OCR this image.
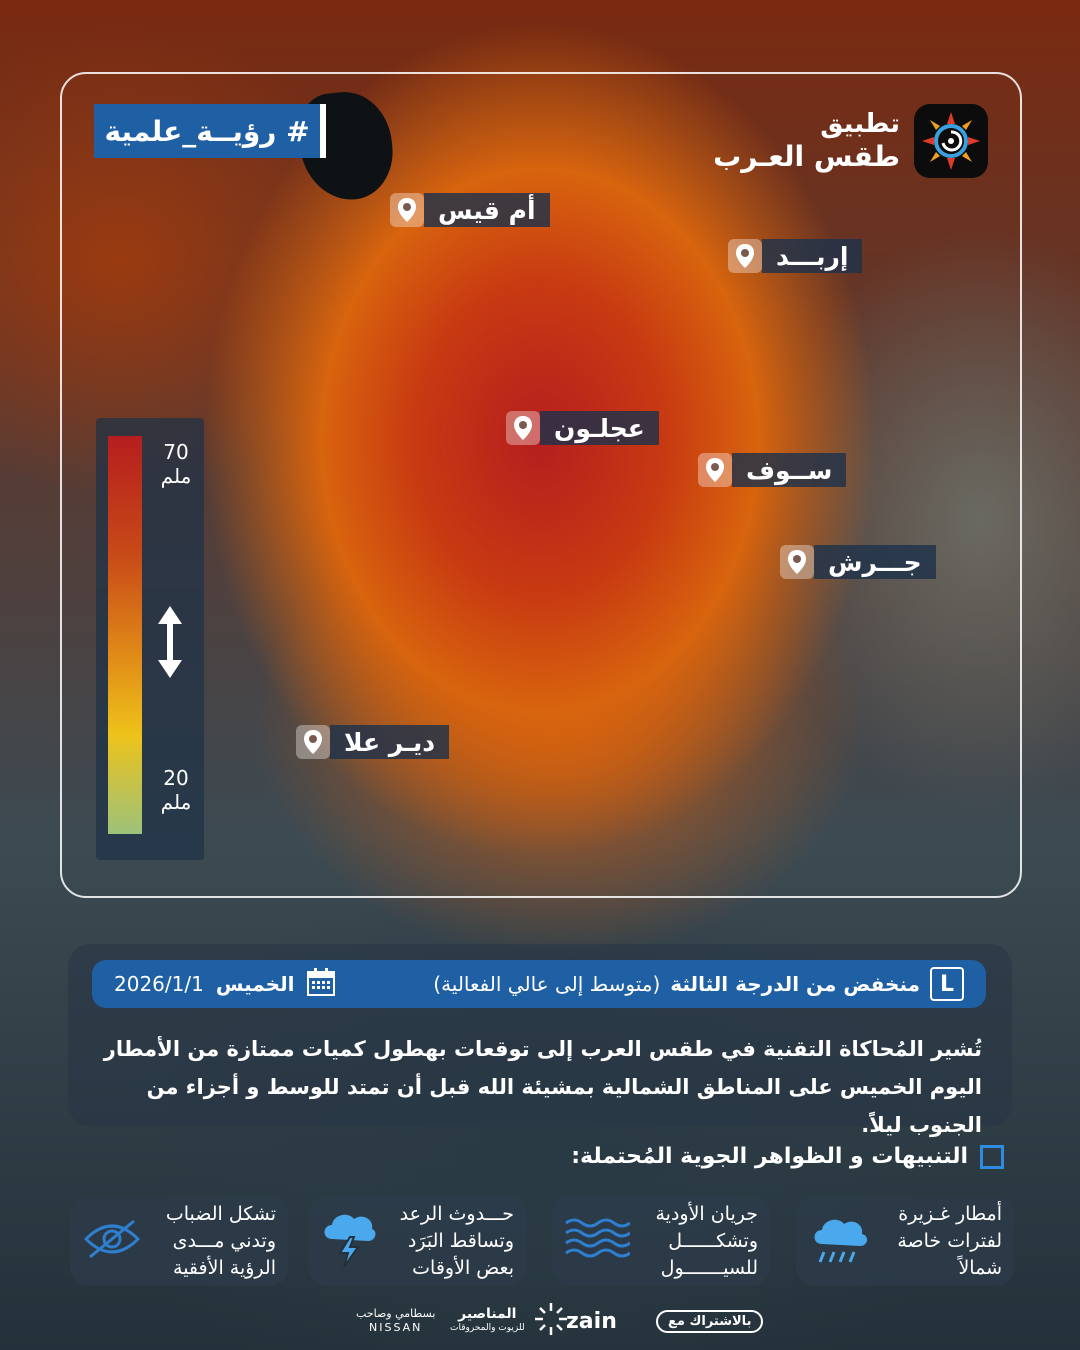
# رؤيــة_علمية	تطبيق
طقس العـرب
أم قيس
إربـــد
عجلـون
ســوف
جـــرش
ديـر علا
70
ملم
20
ملم
2026/1/1 الخميس	L
منخفض من الدرجة الثالثة
(متوسط إلى عالي الفعالية)
تُشير المُحاكاة التقنية في طقس العرب إلى توقعات بهطول كميات ممتازة من الأمطار اليوم الخميس على المناطق الشمالية بمشيئة الله قبل أن تمتد للوسط و أجزاء من الجنوب ليلاً.
التنبيهات و الظواهر الجوية المُحتملة:
أمطار غـزيرة
لفترات خاصة
شمالاً
جريان الأودية
وتشكــــــل
للسيـــــــول
حـــدوث الرعد
وتساقط البَرَد
بعض الأوقات
تشكل الضباب
وتدني مـــدى
الرؤية الأفقية
بالاشتراك مع
zain
المناصير
للزيوت والمحروقات
بسطامي وصاحب
NISSAN
